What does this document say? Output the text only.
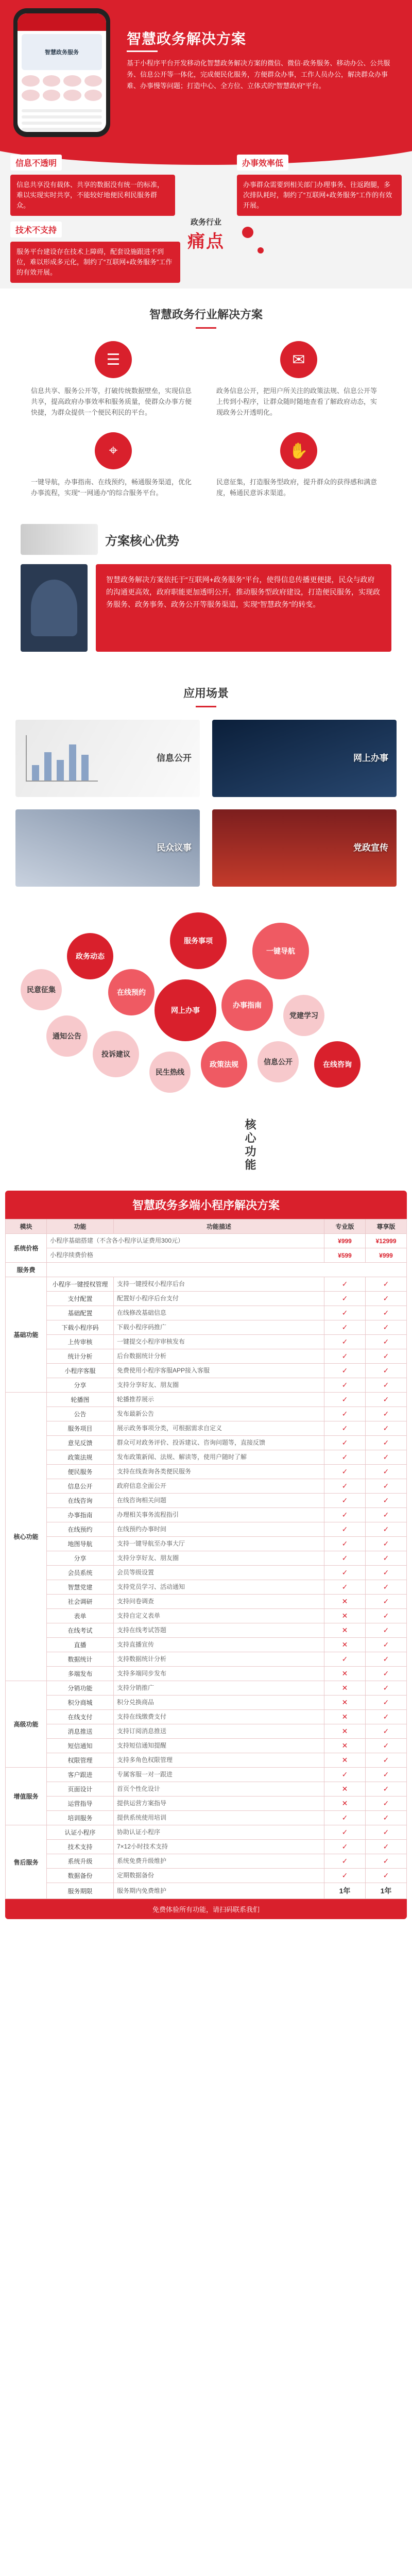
智慧政务服务
智慧政务解决方案

基于小程序平台开发移动化智慧政务解决方案的微信、微信·政务服务、移动办公、公共服务、信息公开等一体化，完成便民化服务，方便群众办事，工作人员办公，解决群众办事难、办事慢等问题；打造中心、全方位、立体式的“智慧政府”平台。

信息不透明
信息共享没有载体、共享的数据没有统一的标准，难以实现实时共享，不能较好地便民利民服务群众。
办事效率低
办事群众需要到相关部门办理事务、往返跑腿，多次排队耗时，制约了“互联网+政务服务”工作的有效开展。
技术不支持
服务平台建设存在技术上障碍，配套设施跟进不到位，难以形成多元化，制约了“互联网+政务服务”工作的有效开展。
政务行业
痛点
智慧政务行业解决方案
☰

信息共享、服务公开等，打破传统数据壁垒，实现信息共享，提高政府办事效率和服务质量，使群众办事方便快捷，为群众提供一个便民利民的平台。

✉

政务信息公开，把用户所关注的政策法规、信息公开等上传到小程序，让群众随时随地查看了解政府动态，实现政务公开透明化。

⌖

一键导航，办事指南、在线预约，畅通服务渠道，优化办事流程，实现“一网通办”的综合服务平台。

✋

民意征集，打造服务型政府，提升群众的获得感和满意度，畅通民意诉求渠道。

方案核心优势

智慧政务解决方案依托于“互联网+政务服务”平台，使得信息传播更便捷，民众与政府的沟通更高效，政府职能更加透明公开，推动服务型政府建设，打造便民服务，实现政务服务、政务事务、政务公开等服务渠道，实现“智慧政务”的转变。

应用场景
信息公开	网上办事
民众议事	党政宣传
民意征集
政务动态
服务事项
一键导航
通知公告
在线预约
网上办事
办事指南
投诉建议
党建学习
民生热线
政策法规	信息公开	在线咨询
核心功能
智慧政务多端小程序解决方案
模块	功能	功能描述	专业版	尊享版
系统价格	小程序基础搭建（不含各小程序认证费用300元）		¥999	¥12999
	小程序续费价格		¥599	¥999
服务费				
基础功能	小程序一键授权管理	支持一键授权小程序后台	✓	✓
	支付配置	配置好小程序后台支付	✓	✓
	基础配置	在线修改基础信息	✓	✓
	下载小程序码	下载小程序码推广	✓	✓
	上传审核	一键提交小程序审核发布	✓	✓
	统计分析	后台数据统计分析	✓	✓
	小程序客服	免费使用小程序客服APP接入客服	✓	✓
	分享	支持分享好友、朋友圈	✓	✓
核心功能	轮播图	轮播推荐展示	✓	✓
	公告	发布最新公告	✓	✓
	服务项目	展示政务事项分类，可根据需求自定义	✓	✓
	意见反馈	群众可对政务评价、投诉建议、咨询问题等，直接反馈	✓	✓
	政策法规	发布政策新闻、法规、解读等，使用户随时了解	✓	✓
	便民服务	支持在线查询各类便民服务	✓	✓
	信息公开	政府信息全面公开	✓	✓
	在线咨询	在线咨询相关问题	✓	✓
	办事指南	办理相关事务流程指引	✓	✓
	在线预约	在线预约办事时间	✓	✓
	地图导航	支持一键导航至办事大厅	✓	✓
	分享	支持分享好友、朋友圈	✓	✓
	会员系统	会员等级设置	✓	✓
	智慧党建	支持党员学习、活动通知	✓	✓
	社会调研	支持问卷调查	✕	✓
	表单	支持自定义表单	✕	✓
	在线考试	支持在线考试答题	✕	✓
	直播	支持直播宣传	✕	✓
	数据统计	支持数据统计分析	✓	✓
	多端发布	支持多端同步发布	✕	✓
高级功能	分销功能	支持分销推广	✕	✓
	积分商城	积分兑换商品	✕	✓
	在线支付	支持在线缴费支付	✕	✓
	消息推送	支持订阅消息推送	✕	✓
	短信通知	支持短信通知提醒	✕	✓
	权限管理	支持多角色权限管理	✕	✓
增值服务	客户跟进	专属客服一对一跟进	✓	✓
	页面设计	首页个性化设计	✕	✓
	运营指导	提供运营方案指导	✕	✓
	培训服务	提供系统使用培训	✓	✓
售后服务	认证小程序	协助认证小程序	✓	✓
	技术支持	7×12小时技术支持	✓	✓
	系统升级	系统免费升级维护	✓	✓
	数据备份	定期数据备份	✓	✓
	服务期限	服务期内免费维护	1年	1年
免费体验所有功能，请扫码联系我们
